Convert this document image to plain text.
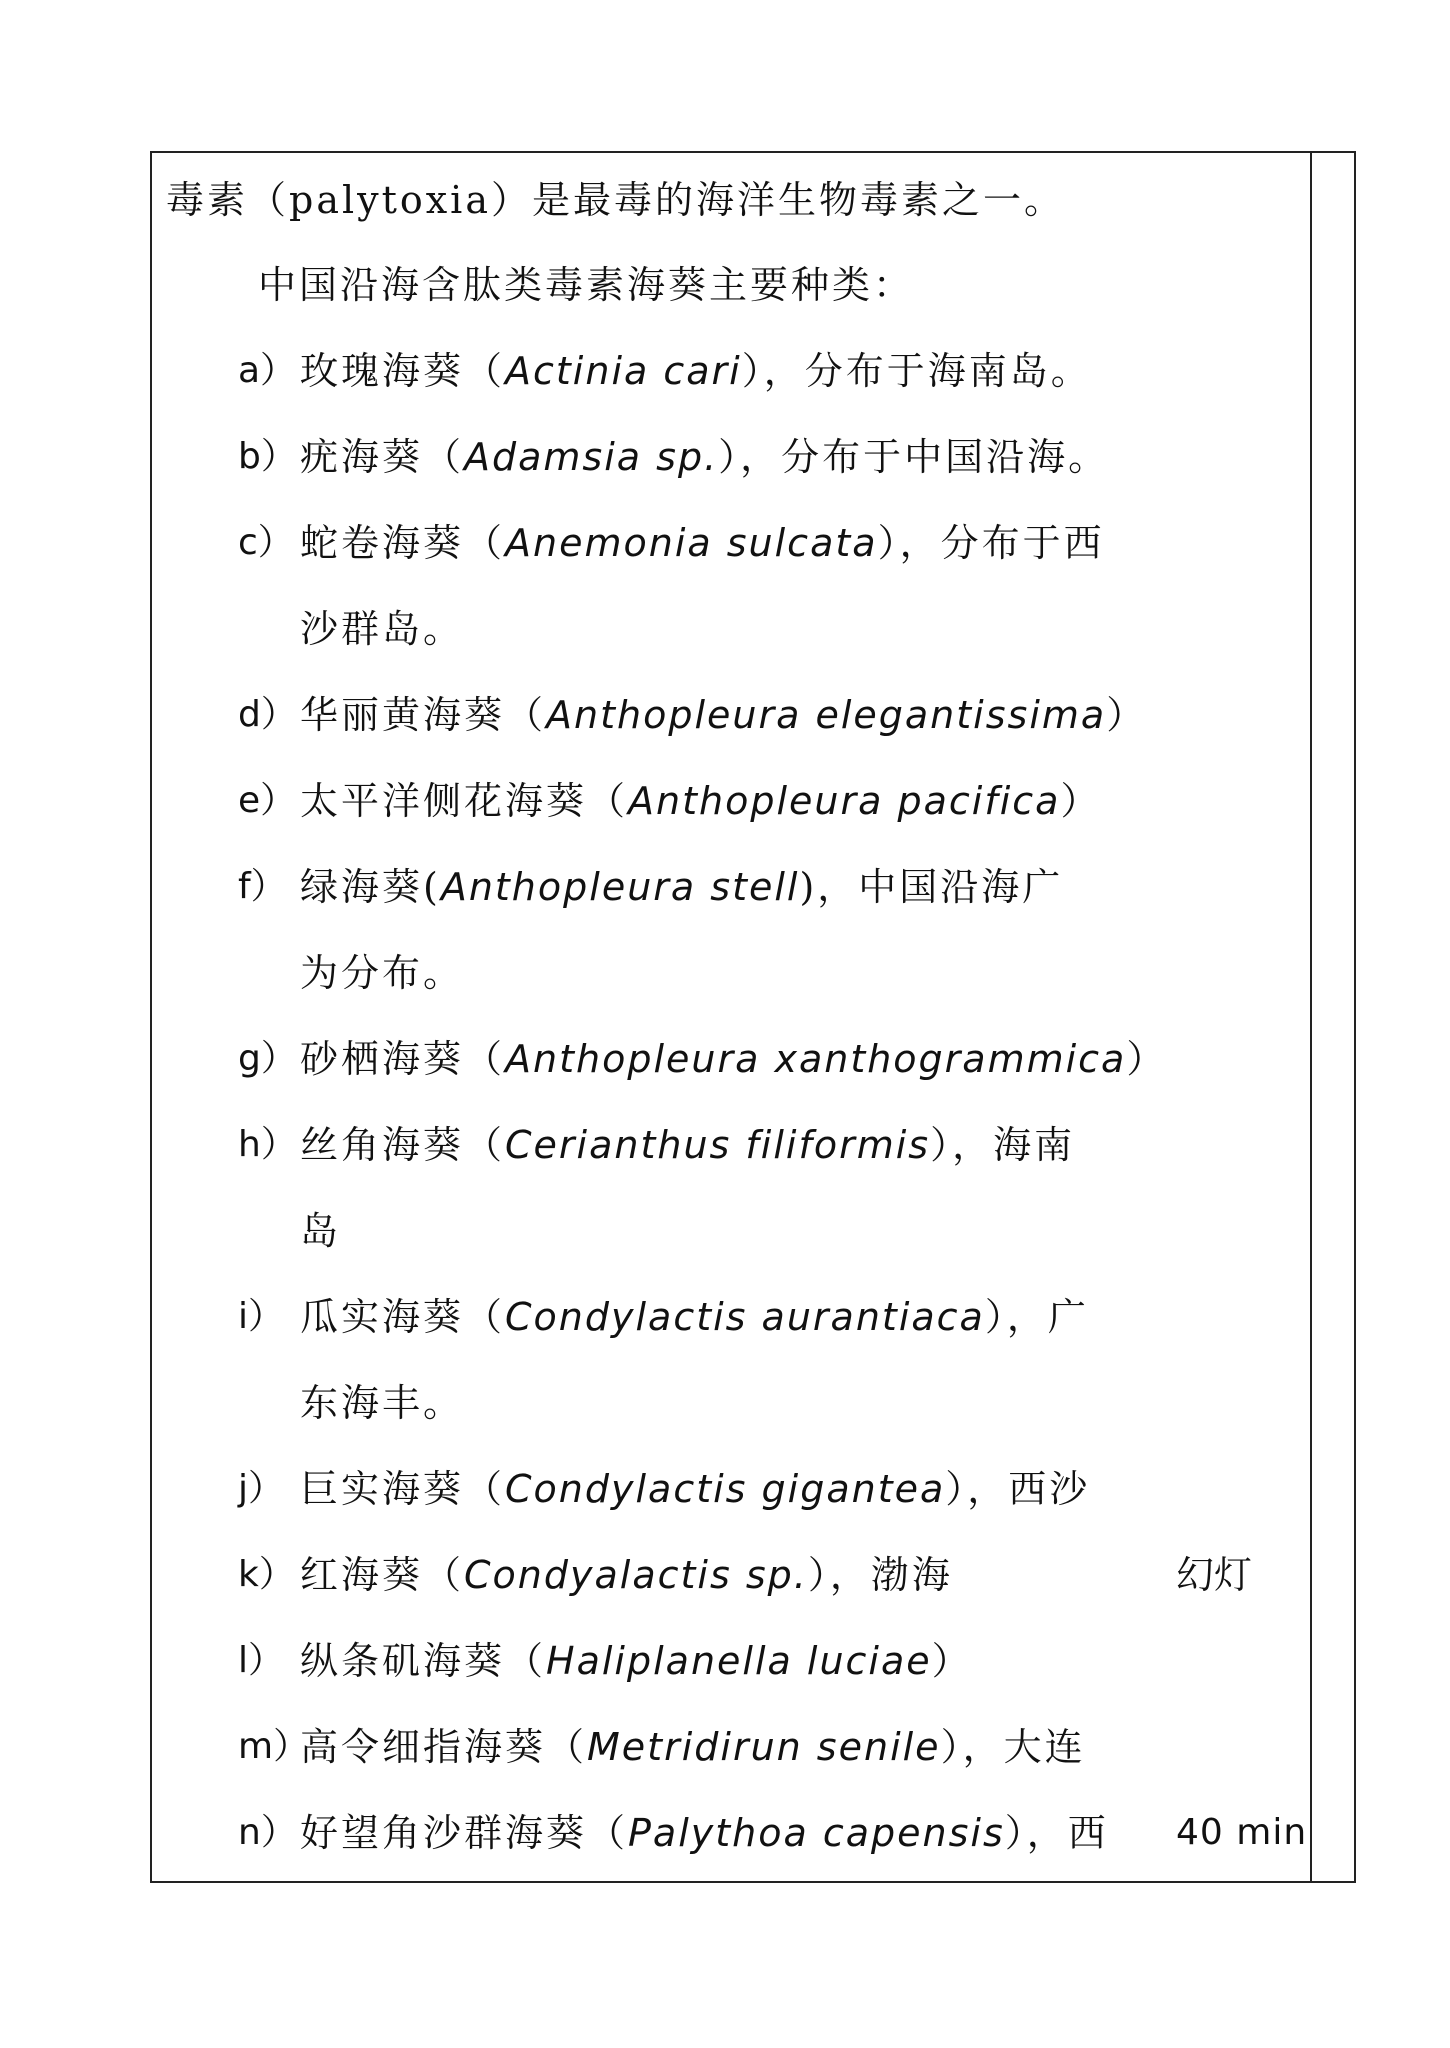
毒素（palytoxia）是最毒的海洋生物毒素之一。
中国沿海含肽类毒素海葵主要种类：
a） 玫瑰海葵（Actinia cari），分布于海南岛。
b） 疣海葵（Adamsia sp.），分布于中国沿海。
c） 蛇卷海葵（Anemonia sulcata），分布于西
沙群岛。
d） 华丽黄海葵（Anthopleura elegantissima）
e） 太平洋侧花海葵（Anthopleura pacifica）
f） 绿海葵(Anthopleura stell)，中国沿海广
为分布。
g） 砂栖海葵（Anthopleura xanthogrammica）
h） 丝角海葵（Cerianthus filiformis），海南
岛
i） 瓜实海葵（Condylactis aurantiaca），广
东海丰。
j） 巨实海葵（Condylactis gigantea），西沙
k） 红海葵（Condyalactis sp.），渤海
l） 纵条矶海葵（Haliplanella luciae）
m）
高令细指海葵（Metridirun senile），大连
n） 好望角沙群海葵（Palythoa capensis），西
幻灯
40 min
